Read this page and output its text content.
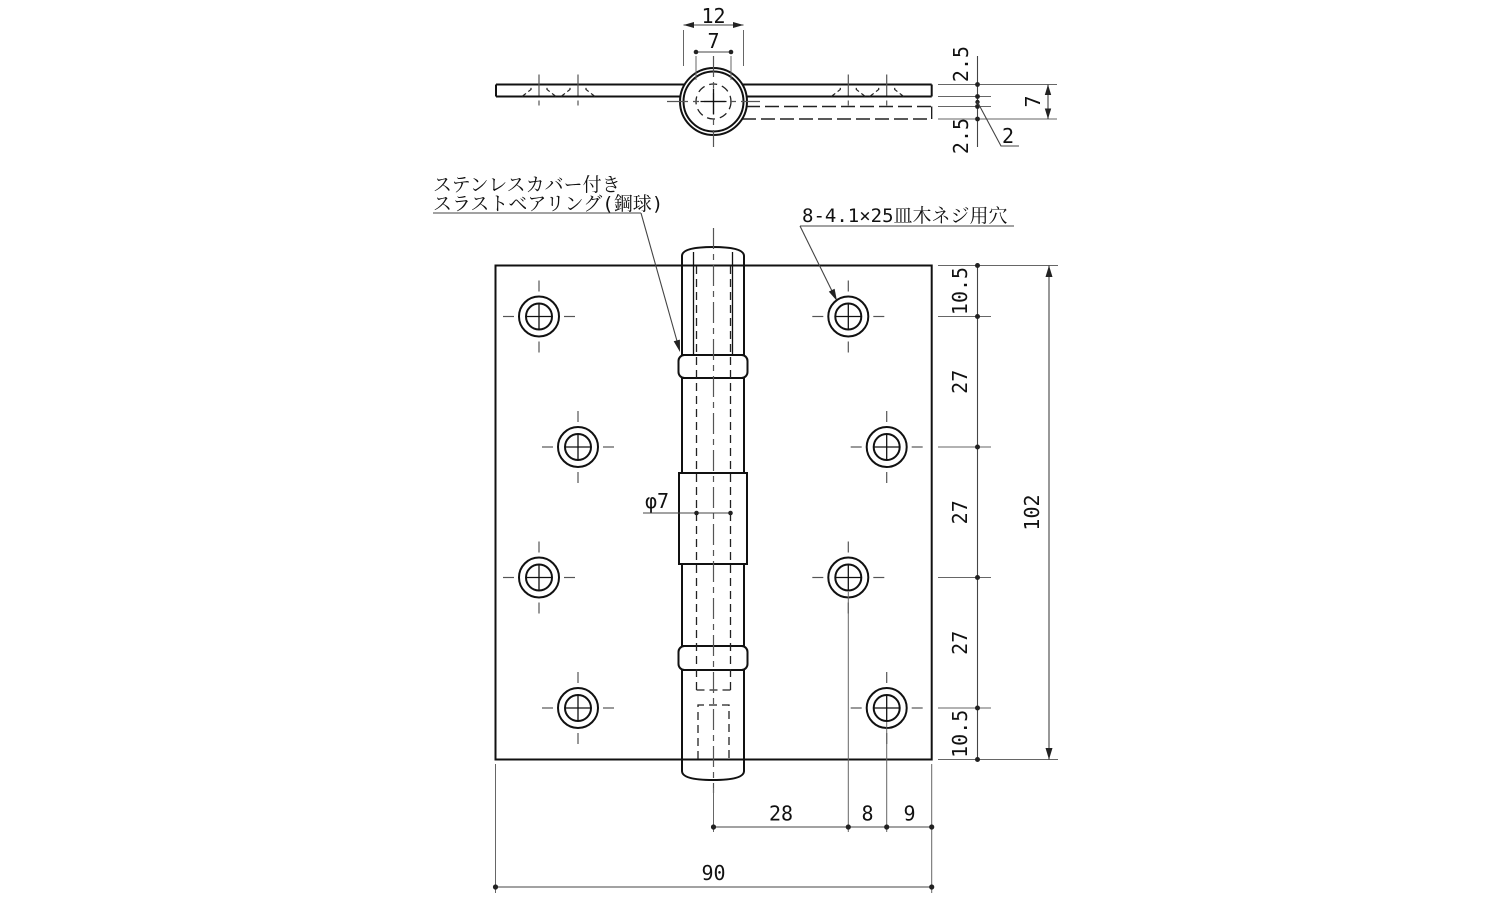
12
7
2.5
2.5
7
2
ステンレスカバー付き
スラストベアリング(鋼球)
8-4.1×25皿木ネジ用穴
φ7
10.5
27
27
27
10.5
102
28	8 9
90
